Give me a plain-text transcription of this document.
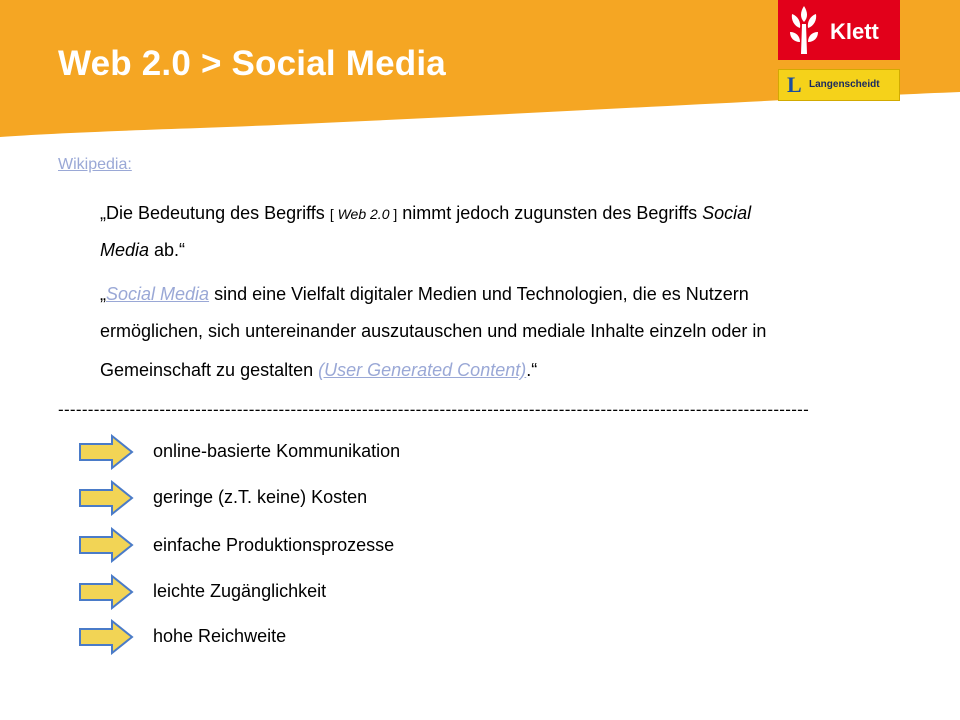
Web 2.0 > Social Media
Klett
L Langenscheidt
Wikipedia:
„Die Bedeutung des Begriffs [ Web 2.0 ] nimmt jedoch zugunsten des Begriffs Social
Media ab.“
„Social Media sind eine Vielfalt digitaler Medien und Technologien, die es Nutzern
ermöglichen, sich untereinander auszutauschen und mediale Inhalte einzeln oder in
Gemeinschaft zu gestalten (User Generated Content).“
------------------------------------------------------------------------------------------------------------------------------
online-basierte Kommunikation
geringe (z.T. keine) Kosten
einfache Produktionsprozesse
leichte Zugänglichkeit
hohe Reichweite
